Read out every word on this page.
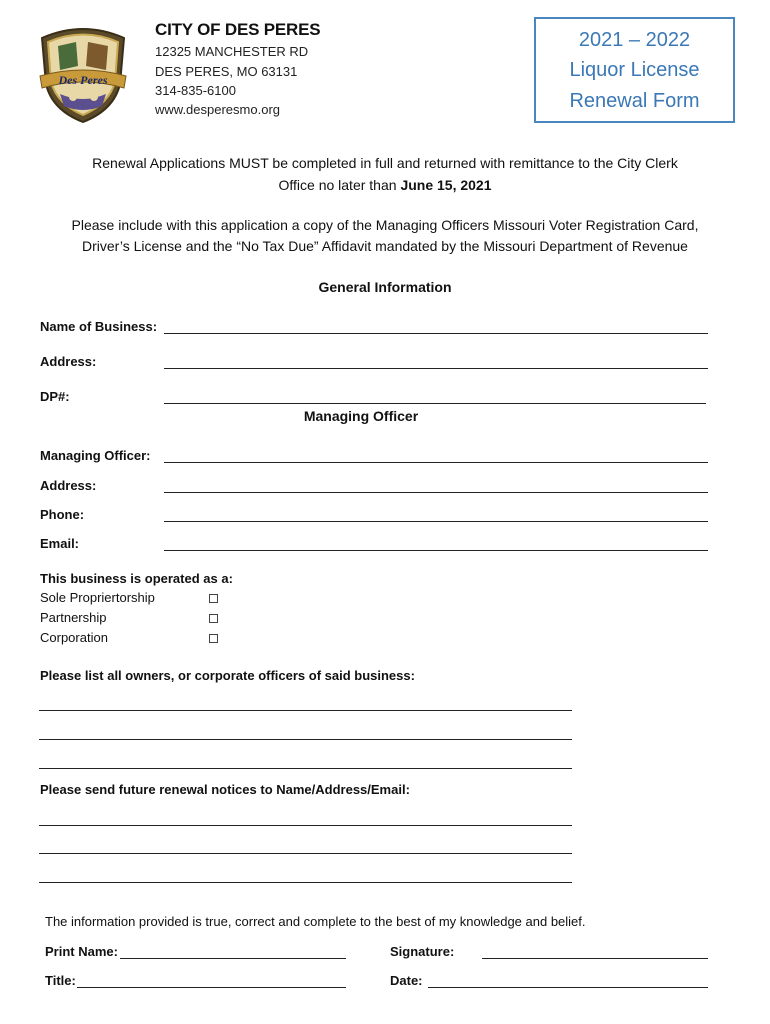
Des Peres
CITY OF DES PERES
12325 MANCHESTER RD
DES PERES, MO 63131
314-835-6100
www.desperesmo.org
2021 – 2022
Liquor License
Renewal Form
Renewal Applications MUST be completed in full and returned with remittance to the City Clerk
Office no later than June 15, 2021
Please include with this application a copy of the Managing Officers Missouri Voter Registration Card,
Driver’s License and the “No Tax Due” Affidavit mandated by the Missouri Department of Revenue
General Information
Name of Business:
Address:
DP#:
Managing Officer
Managing Officer:
Address:
Phone:
Email:
This business is operated as a:
Sole Propriertorship
Partnership
Corporation
Please list all owners, or corporate officers of said business:
Please send future renewal notices to Name/Address/Email:
The information provided is true, correct and complete to the best of my knowledge and belief.
Print Name:	Signature:
Title:	Date:
